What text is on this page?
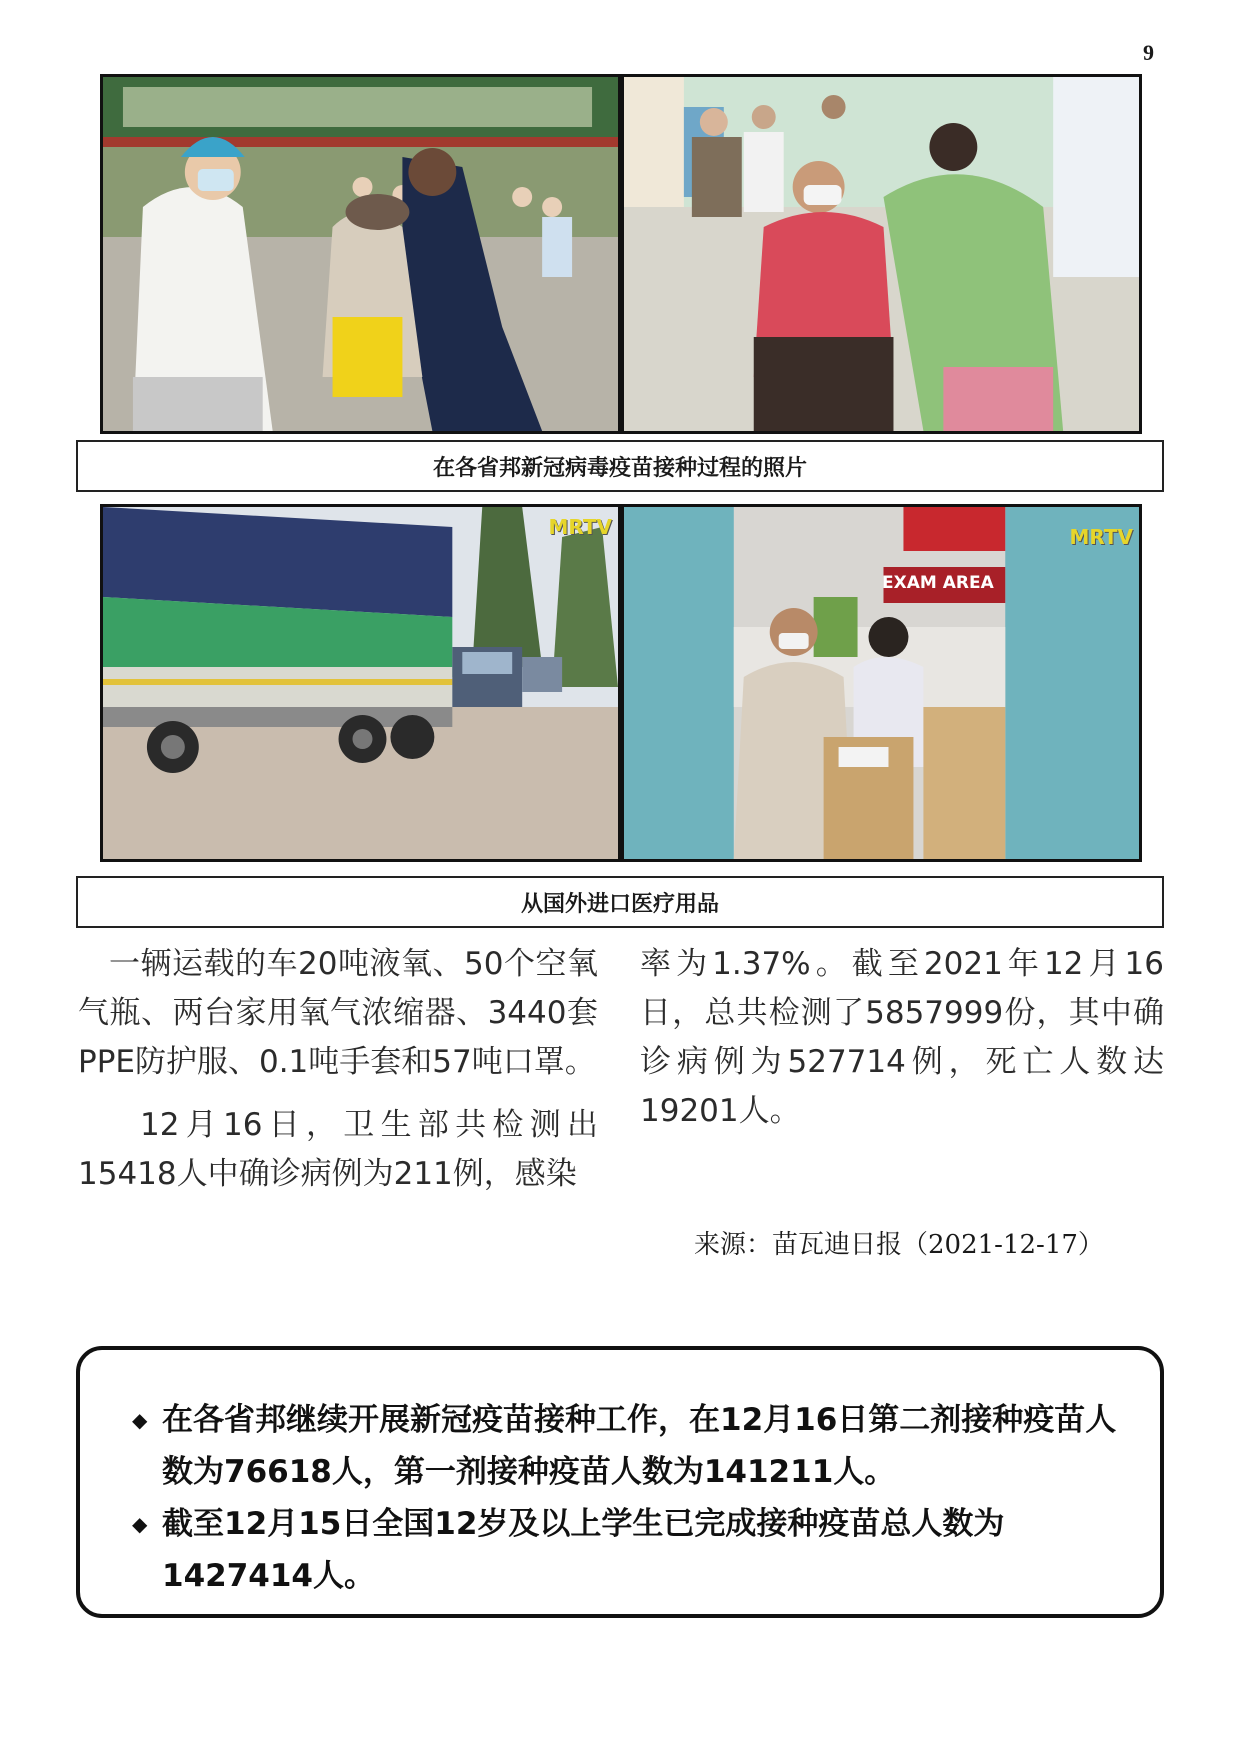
9
在各省邦新冠病毒疫苗接种过程的照片
MRTV
EXAM AREA
MRTV
从国外进口医疗用品

一辆运载的车20吨液氧、50个空氧气瓶、两台家用氧气浓缩器、3440套PPE防护服、0.1吨手套和57吨口罩。

12月16日，卫生部共检测出15418人中确诊病例为211例，感染

率为1.37%。截至2021年12月16日，总共检测了5857999份，其中确诊病例为527714例，死亡人数达19201人。

来源：苗瓦迪日报（2021-12-17）
◆ 在各省邦继续开展新冠疫苗接种工作，在12月16日第二剂接种疫苗人数为76618人，第一剂接种疫苗人数为141211人。
◆ 截至12月15日全国12岁及以上学生已完成接种疫苗总人数为1427414人。
